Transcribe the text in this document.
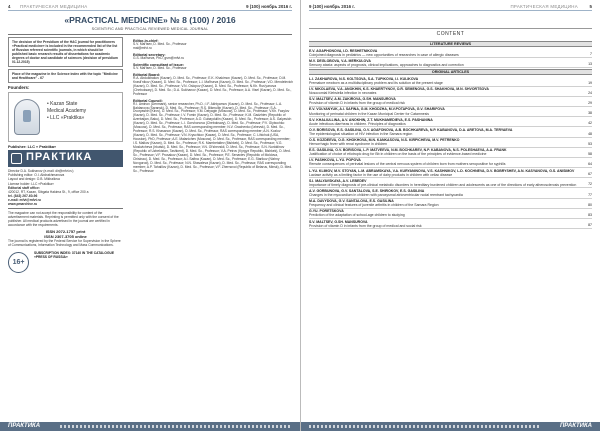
4 ПРАКТИЧЕСКАЯ МЕДИЦИНА	9 (100) ноябрь 2016 г.
«PRACTICAL MEDICINE» № 8 (100) / 2016
SCIENTIFIC AND PRACTICAL REVIEWED MEDICAL JOURNAL
The decision of the Presidium of the HAC journal for practitioners «Practical medicine» is included in the recommended list of the list of Russian refereed scientific journals, in which should be published basic research results of dissertations for academic degrees of doctor and candidate of sciences (decision of presidium 01.12.2015)
Place of the magazine in the Science index with the topic "Medicine and Healthcare" - 67
Founders:
• Kazan State
Medical Academy
• LLC «Praktika»
Publisher: LLC « Praktika»
ПРАКТИКА
Director D.A. Sukhanov (e-mail: dir@mfvt.ru)
Publishing editor: O.I. Abdrakhmanova
Layout and design: O.B. Mikhailova
License holder: LLC «Praktika»
Editorial staff office:
420012, RT, Kazan, Sibgata Hakima St., 9, office 200 a
tel. (843) 267-60-96
e-mail: mfvt@mfvt.ru
www.pmarchive.ru
The magazine can not accept the responsibility for content of the advertisement materials. Reprinting is permitted only with the consent of the publisher. All medical products advertised in the journal are certified in accordance with the requirements.
ISSN 2072-1757 print
ISSN 2307-3705 online
The journal is registered by the Federal Service for Supervision in the Sphere of Communications, Information Technology and Mass Communications.
16+
SUBSCRIPTION INDEX: 37140 IN THE CATALOGUE «PRESS OF RUSSIA»
Editor-in-chief:
S.V. Mal'tsev, D. Med. Sc., Professor
mal@mfvt.ru
Editorial secretary:
G.S. Mal'tseva, PhD, gsm@mfvt.ru
Scientific consultant of issue:
S.V. Mal'tsev, D. Med. Sc., Professor
Editorial Board:
R.A. Abdulkhakov (Kazan), D. Med. Sc., Professor; E.K. Khakimov (Kazan), D. Med. Sc., Professor; D.M. Krasil'nikov (Kazan), D. Med. Sc., Professor; L.I. Mal'tseva (Kazan), D. Med. Sc., Professor; V.D. Mendelevich (Kazan), D. Med. Sc., Professor; V.N. Oslopov (Kazan), D. Med. Sc., Professor; N.Kh. Rus'yanova (Cheboksary), D. Med. Sc.; D.A. Sukhanov (Kazan), D. Med. Sc., Professor; A.A. Visel (Kazan), D. Med. Sc., Professor
Editorial Council:
R.I. Aminov (Denmark), senior researcher, Ph.D.; I.F. Akhtyamov (Kazan), D. Med. Sc., Professor; L.A. Baldanova (Saransk), D. Med. Sc., Professor; R.S. Bikmullin (Kazan), D. Med. Sc., Professor; S.A. Dvoryashin (Kirov), D. Med. Sc., Professor; V.M. Delyagin (Moscow), D. Med. Sc., Professor; V.Kh. Fazylov (Kazan), D. Med. Sc., Professor; I.V. Fomin (Kazan), D. Med. Sc., Professor; K.M. Gadzhiev (Republic of Azerbaijan, Baku), D. Med. Sc., Professor; A.O. Gubaydullin (Kazan), D. Med. Sc., Professor; A.S. Galyavich (Kazan), D. Med. Sc., Professor; L.I. Gorshonova (Cheboksary), D. Med. Sc., Professor; P.V. Glybochko (Moscow), D. Med. Sc., Professor, RAS corresponding member; N.V. Grachenko (Izhevsk), D. Med. Sc., Professor; R.S. Khasanov (Kazan), D. Med. Sc., Professor, RAS corresponding member; A.N. Kozlov (Kazan), D. Med. Sc., Professor; V.N. Kryuchkov (Kazan), D. Med. Sc., Professor; C. Lihichuk (USA, Houston), PhD, Professor; A.E. Malanichev (Moscow), D. Med. Sc., Professor, RAS corresponding member; I.S. Malkov (Kazan), D. Med. Sc., Professor; R.K. Mambetaliev (Bishkek), D. Med. Sc., Professor; V.G. Moskvicheva (Irkutsk), D. Med. Sc., Professor; V.N. Ol'shevskii, D. Med. Sc., Professor; S.N. Nuriddinov (Republic of Uzbekistan, Tashkent), D. Med. Sc., Professor; V.A. Petrov (Kyrgyz Republic, Bishkek), D. Med. Sc., Professor; V.F. Prusakov (Kazan), D. Med. Sc., Professor; P.E. Senaviev (Republic of Moldova, Chisinau), D. Med. Sc., Professor; A.I. Safina (Kazan), D. Med. Sc., Professor; E.G. Starikov (Nizhny Novgorod), D. Med. Sc., Professor; N.N. Shavaleva (Kazan), D. Med. Sc., Professor, RAS corresponding member; A.P. Tahaillov (Kazan), D. Med. Sc., Professor; V.F. Zhernovoi (Republic of Belarus, Minsk), D. Med. Sc., Professor
ПРАКТИКА
9 (100) ноябрь 2016 г.	ПРАКТИЧЕСКАЯ МЕДИЦИНА	5
CONTENT
LITERATURE REVIEWS
E.V. AGAPHONOVA, I.D. RESHETNIKOVA
Coinjoined diagnosis in pediatrics — new opportunities of researches in case of allergic diseases	7
M.V. DEGLOBOVA, V.A. MERKULOVA
Sensory ataxia: aspects of prognosis, clinical implications, approaches to diagnostics and correction	13
ORIGINAL ARTICLES
L.I. ZAKHAROVA, N.S. KOLTSOVA, S.A. TUPIKOVA, I.I. KULIKOVA
Premature newborn as a multidisciplinary problem and its solution at the present stage	19
I.V. NIKOLAEVA, V.A. ANOKHIN, K.S. KHAERTYNOV, O.R. SEMENOVA, G.S. SHAKHOVA, M.N. SHVORTSOVA
Nosocomial Klebsiella infection in neonates	24
S.V. MALTSEV, A.M. ZAKIROVA, G.SH. MANSUROVA
Provision of vitamin D in infants from the group of medical risk	29
E.V. VOLYANYUK, A.I. SAFINA, G.M. KHODZHA, M.V.POTAPOVA, G.V. SHARIFOVA
Monitoring of perinatal children in the Kazan Municipal Center for Catamnesis	38
S.V. KHALIULLINA, A.V. ANOKHIN, Z.T. MUKHAMEDIEVA, E.S. PASHANINA
Acute infectious diarrheas in children. Principles of diagnostics	42
O.V. BORISOVA, E.S. GASILINA, O.V. AGAFONOVA, A.B. BOCHKAREVA, N.P. KABANOVA, D.A. ARETOVA, M.A. TERYAEVA
The epidemiological situation of HIV infection in the Samara region	48
O.S. KOZDEEVA, O.G. KHOKHOVA, M.N. KANKASOVA, N.S. KIRPICHEVA, M.V. PETRENKO
Hemorrhagic fever with renal syndrome in children	53
E.S. GASILINA, O.V. BORISOVA, L.P. MATVEEVA, N.M. BOCHKAREV, N.P. KABANOVA, N.S. POLESHAEVA, A.A. FRANK
Justification of choice of etiotropic drug for Bb in children on the basis of the principles of evidence-based medicine	58
I.V. PASHKOVA, L.YU. POPOVA
Remote consequences of perinatal lesions of the central nervous system of children born from mothers seropositive for syphilis	64
L.YU. KLIMOV, M.V. STOYAN, L.M. ABRAMSKAYA, V.A. KURYANINOVA, V.S. KASHNIKOV, L.D. KOCHNEVA, D.V. BOBRYSHEV, A.N. KASYANOVA, G.S. ANISIMOV
Lactase activity as a limiting factor in the use of dairy products in children with celiac disease	67
S.I. MALYAVSKAYA, A.V. LEBEDEV
Importance of timely diagnosis of pre-clinical metabolic disorders in hereditary burdened children and adolescents as one of the directions of early atherosclerosis prevention	72
A.V. GORBUNOVA, G.V. SANTALOVA, S.E. SHIROKOV, E.S. GASILINA
Changes in the myocardium in children with paroxysmal atrioventricular nodal reentrant tachycardia	77
M.A. DAVYDOVA, G.V. SANTALOVA, E.S. GASILINA
Frequency and clinical features of juvenile arthritis in children of the Samara Region	80
G.YU. PORETSKOVA
Prediction of the adaptation of school-age children to studying	83
S.V. MALTSEV, G.SH. MANSUROVA
Provision of vitamin D in infants from the group of medical and social risk	87
ПРАКТИКА
